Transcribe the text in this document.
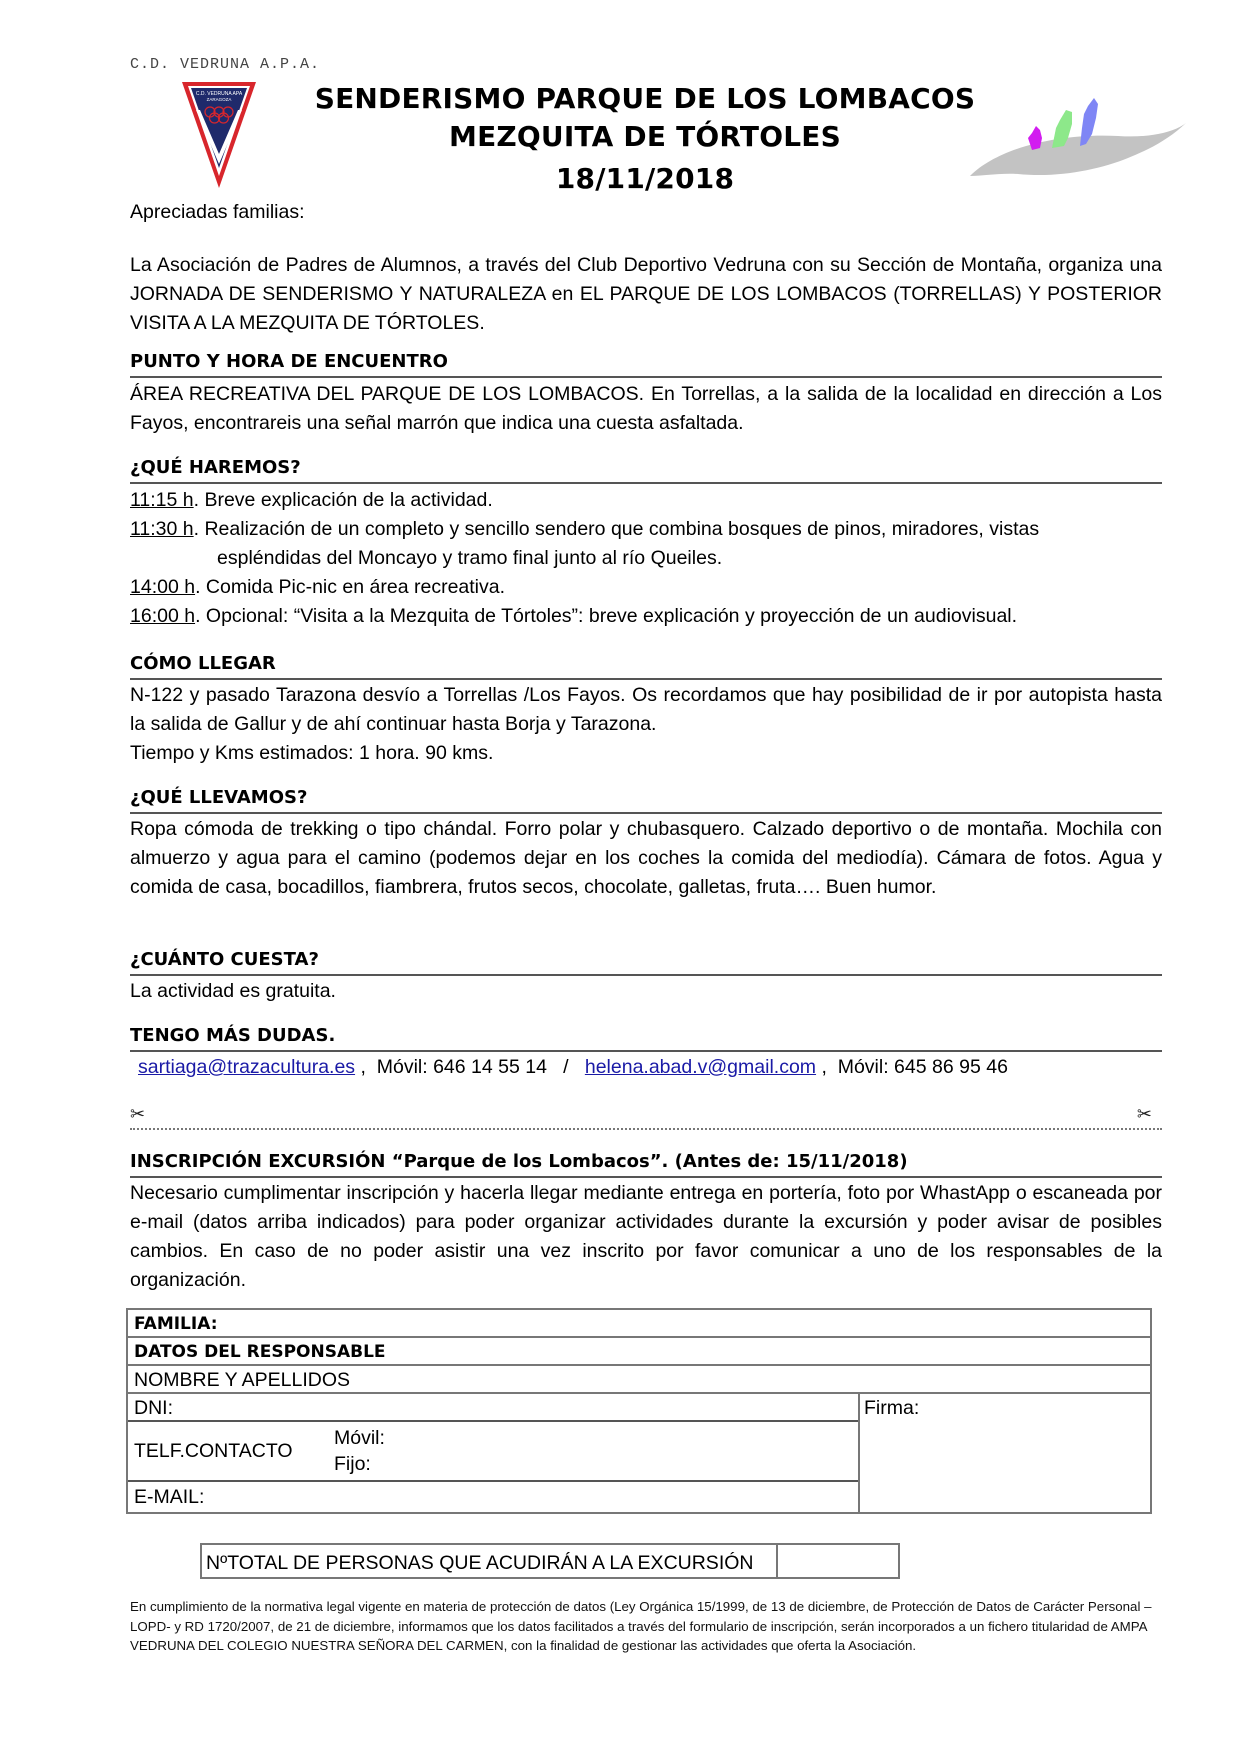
C.D. VEDRUNA A.P.A.
C.D. VEDRUNA APA
ZARAGOZA	SENDERISMO PARQUE DE LOS LOMBACOS
MEZQUITA DE TÓRTOLES
18/11/2018
Apreciadas familias:
La Asociación de Padres de Alumnos, a través del Club Deportivo Vedruna con su Sección de Montaña, organiza una JORNADA DE SENDERISMO Y NATURALEZA en EL PARQUE DE LOS LOMBACOS (TORRELLAS) Y POSTERIOR VISITA A LA MEZQUITA DE TÓRTOLES.
PUNTO Y HORA DE ENCUENTRO
ÁREA RECREATIVA DEL PARQUE DE LOS LOMBACOS. En Torrellas, a la salida de la localidad en dirección a Los Fayos, encontrareis una señal marrón que indica una cuesta asfaltada.
¿QUÉ HAREMOS?
11:15 h. Breve explicación de la actividad.
11:30 h. Realización de un completo y sencillo sendero que combina bosques de pinos, miradores, vistas
espléndidas del Moncayo y tramo final junto al río Queiles.
14:00 h. Comida Pic-nic en área recreativa.
16:00 h. Opcional: “Visita a la Mezquita de Tórtoles”: breve explicación y proyección de un audiovisual.
CÓMO LLEGAR
N-122 y pasado Tarazona desvío a Torrellas /Los Fayos. Os recordamos que hay posibilidad de ir por autopista hasta la salida de Gallur y de ahí continuar hasta Borja y Tarazona.
Tiempo y Kms estimados: 1 hora. 90 kms.
¿QUÉ LLEVAMOS?
Ropa cómoda de trekking o tipo chándal. Forro polar y chubasquero. Calzado deportivo o de montaña. Mochila con almuerzo y agua para el camino (podemos dejar en los coches la comida del mediodía). Cámara de fotos. Agua y comida de casa, bocadillos, fiambrera, frutos secos, chocolate, galletas, fruta…. Buen humor.
¿CUÁNTO CUESTA?
La actividad es gratuita.
TENGO MÁS DUDAS.
sartiaga@trazacultura.es ,  Móvil: 646 14 55 14   /   helena.abad.v@gmail.com ,  Móvil: 645 86 95 46
✂	✂
INSCRIPCIÓN EXCURSIÓN “Parque de los Lombacos”. (Antes de: 15/11/2018)
Necesario cumplimentar inscripción y hacerla llegar mediante entrega en portería, foto por WhastApp o escaneada por e-mail (datos arriba indicados) para poder organizar actividades durante la excursión y poder avisar de posibles cambios. En caso de no poder asistir una vez inscrito por favor comunicar a uno de los responsables de la organización.
FAMILIA:
DATOS DEL RESPONSABLE
NOMBRE Y APELLIDOS
DNI:
TELF.CONTACTO
Móvil:
Fijo:
E-MAIL:
Firma:
NºTOTAL DE PERSONAS QUE ACUDIRÁN A LA EXCURSIÓN
En cumplimiento de la normativa legal vigente en materia de protección de datos (Ley Orgánica 15/1999, de 13 de diciembre, de Protección de Datos de Carácter Personal –LOPD- y RD 1720/2007, de 21 de diciembre, informamos que los datos facilitados a través del formulario de inscripción, serán incorporados a un fichero titularidad de AMPA VEDRUNA DEL COLEGIO NUESTRA SEÑORA DEL CARMEN, con la finalidad de gestionar las actividades que oferta la Asociación.
